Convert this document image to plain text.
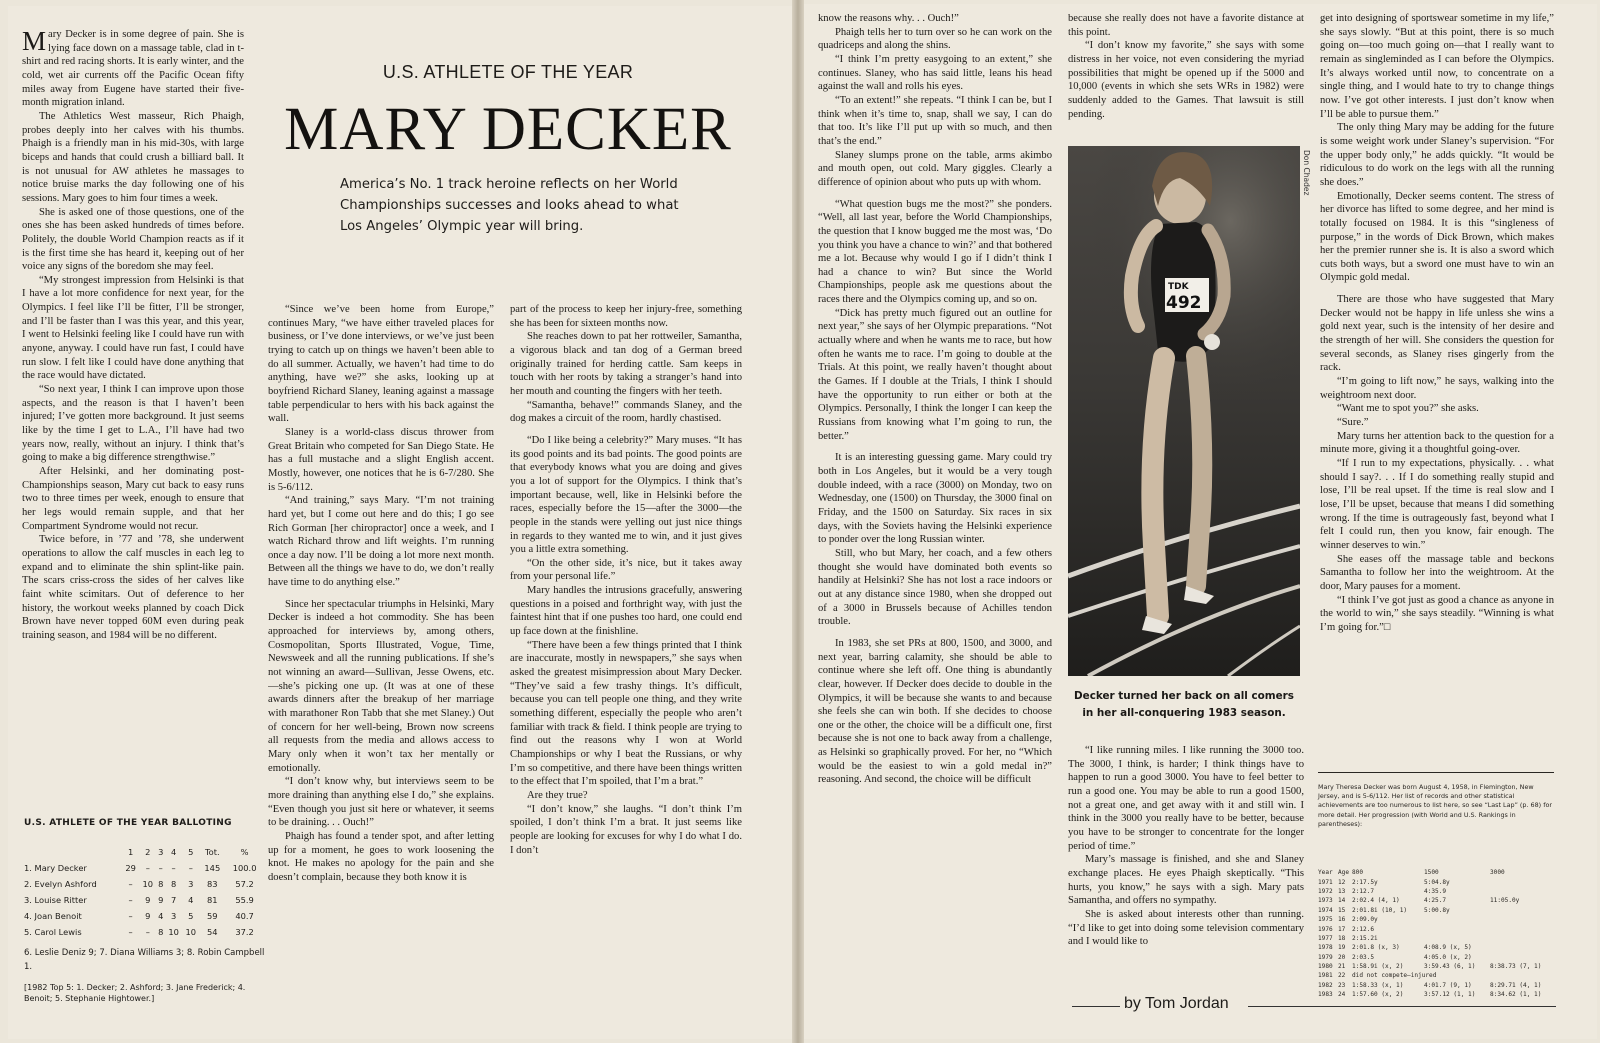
Mary Decker is in some degree of pain. She is lying face down on a massage table, clad in t-shirt and red racing shorts. It is early winter, and the cold, wet air currents off the Pacific Ocean fifty miles away from Eugene have started their five-month migration inland.

The Athletics West masseur, Rich Phaigh, probes deeply into her calves with his thumbs. Phaigh is a friendly man in his mid-30s, with large biceps and hands that could crush a billiard ball. It is not unusual for AW athletes he massages to notice bruise marks the day following one of his sessions. Mary goes to him four times a week.

She is asked one of those questions, one of the ones she has been asked hundreds of times before. Politely, the double World Champion reacts as if it is the first time she has heard it, keeping out of her voice any signs of the boredom she may feel.

“My strongest impression from Helsinki is that I have a lot more confidence for next year, for the Olympics. I feel like I’ll be fitter, I’ll be stronger, and I’ll be faster than I was this year, and this year, I went to Helsinki feeling like I could have run with anyone, anyway. I could have run fast, I could have run slow. I felt like I could have done anything that the race would have dictated.

“So next year, I think I can improve upon those aspects, and the reason is that I haven’t been injured; I’ve gotten more background. It just seems like by the time I get to L.A., I’ll have had two years now, really, without an injury. I think that’s going to make a big difference strengthwise.”

After Helsinki, and her dominating post-Championships season, Mary cut back to easy runs two to three times per week, enough to ensure that her legs would remain supple, and that her Compartment Syndrome would not recur.

Twice before, in ’77 and ’78, she underwent operations to allow the calf muscles in each leg to expand and to eliminate the shin splint-like pain. The scars criss-cross the sides of her calves like faint white scimitars. Out of deference to her history, the workout weeks planned by coach Dick Brown have never topped 60M even during peak training season, and 1984 will be no different.

U.S. ATHLETE OF THE YEAR BALLOTING
	1	2	3	4	5	Tot.	%
1. Mary Decker	29	–	–	–	–	145	100.0
2. Evelyn Ashford	–	10	8	8	3	83	57.2
3. Louise Ritter	–	9	9	7	4	81	55.9
4. Joan Benoit	–	9	4	3	5	59	40.7
5. Carol Lewis	–	–	8	10	10	54	37.2
6. Leslie Deniz 9; 7. Diana Williams 3; 8. Robin Campbell 1.
[1982 Top 5: 1. Decker; 2. Ashford; 3. Jane Frederick; 4. Benoit; 5. Stephanie Hightower.]
U.S. ATHLETE OF THE YEAR
MARY DECKER
America’s No. 1 track heroine reflects on her World Championships successes and looks ahead to what Los Angeles’ Olympic year will bring.

“Since we’ve been home from Europe,” continues Mary, “we have either traveled places for business, or I’ve done interviews, or we’ve just been trying to catch up on things we haven’t been able to do all summer. Actually, we haven’t had time to do anything, have we?” she asks, looking up at boyfriend Richard Slaney, leaning against a massage table perpendicular to hers with his back against the wall.

Slaney is a world-class discus thrower from Great Britain who competed for San Diego State. He has a full mustache and a slight English accent. Mostly, however, one notices that he is 6-7/280. She is 5-6/112.

“And training,” says Mary. “I’m not training hard yet, but I come out here and do this; I go see Rich Gorman [her chiropractor] once a week, and I watch Richard throw and lift weights. I’m running once a day now. I’ll be doing a lot more next month. Between all the things we have to do, we don’t really have time to do anything else.”

Since her spectacular triumphs in Helsinki, Mary Decker is indeed a hot commodity. She has been approached for interviews by, among others, Cosmopolitan, Sports Illustrated, Vogue, Time, Newsweek and all the running publications. If she’s not winning an award—Sullivan, Jesse Owens, etc.—she’s picking one up. (It was at one of these awards dinners after the breakup of her marriage with marathoner Ron Tabb that she met Slaney.) Out of concern for her well-being, Brown now screens all requests from the media and allows access to Mary only when it won’t tax her mentally or emotionally.

“I don’t know why, but interviews seem to be more draining than anything else I do,” she explains. “Even though you just sit here or whatever, it seems to be draining. . . Ouch!”

Phaigh has found a tender spot, and after letting up for a moment, he goes to work loosening the knot. He makes no apology for the pain and she doesn’t complain, because they both know it is

part of the process to keep her injury-free, something she has been for sixteen months now.

She reaches down to pat her rottweiler, Samantha, a vigorous black and tan dog of a German breed originally trained for herding cattle. Sam keeps in touch with her roots by taking a stranger’s hand into her mouth and counting the fingers with her teeth.

“Samantha, behave!” commands Slaney, and the dog makes a circuit of the room, hardly chastised.

“Do I like being a celebrity?” Mary muses. “It has its good points and its bad points. The good points are that everybody knows what you are doing and gives you a lot of support for the Olympics. I think that’s important because, well, like in Helsinki before the races, especially before the 15—after the 3000—the people in the stands were yelling out just nice things in regards to they wanted me to win, and it just gives you a little extra something.

“On the other side, it’s nice, but it takes away from your personal life.”

Mary handles the intrusions gracefully, answering questions in a poised and forthright way, with just the faintest hint that if one pushes too hard, one could end up face down at the finishline.

“There have been a few things printed that I think are inaccurate, mostly in newspapers,” she says when asked the greatest misimpression about Mary Decker. “They’ve said a few trashy things. It’s difficult, because you can tell people one thing, and they write something different, especially the people who aren’t familiar with track & field. I think people are trying to find out the reasons why I won at World Championships or why I beat the Russians, or why I’m so competitive, and there have been things written to the effect that I’m spoiled, that I’m a brat.”

Are they true?

“I don’t know,” she laughs. “I don’t think I’m spoiled, I don’t think I’m a brat. It just seems like people are looking for excuses for why I do what I do. I don’t

know the reasons why. . . Ouch!”

Phaigh tells her to turn over so he can work on the quadriceps and along the shins.

“I think I’m pretty easygoing to an extent,” she continues. Slaney, who has said little, leans his head against the wall and rolls his eyes.

“To an extent!” she repeats. “I think I can be, but I think when it’s time to, snap, shall we say, I can do that too. It’s like I’ll put up with so much, and then that’s the end.”

Slaney slumps prone on the table, arms akimbo and mouth open, out cold. Mary giggles. Clearly a difference of opinion about who puts up with whom.

“What question bugs me the most?” she ponders. “Well, all last year, before the World Championships, the question that I know bugged me the most was, ‘Do you think you have a chance to win?’ and that bothered me a lot. Because why would I go if I didn’t think I had a chance to win? But since the World Championships, people ask me questions about the races there and the Olympics coming up, and so on.

“Dick has pretty much figured out an outline for next year,” she says of her Olympic preparations. “Not actually where and when he wants me to race, but how often he wants me to race. I’m going to double at the Trials. At this point, we really haven’t thought about the Games. If I double at the Trials, I think I should have the opportunity to run either or both at the Olympics. Personally, I think the longer I can keep the Russians from knowing what I’m going to run, the better.”

It is an interesting guessing game. Mary could try both in Los Angeles, but it would be a very tough double indeed, with a race (3000) on Monday, two on Wednesday, one (1500) on Thursday, the 3000 final on Friday, and the 1500 on Saturday. Six races in six days, with the Soviets having the Helsinki experience to ponder over the long Russian winter.

Still, who but Mary, her coach, and a few others thought she would have dominated both events so handily at Helsinki? She has not lost a race indoors or out at any distance since 1980, when she dropped out of a 3000 in Brussels because of Achilles tendon trouble.

In 1983, she set PRs at 800, 1500, and 3000, and next year, barring calamity, she should be able to continue where she left off. One thing is abundantly clear, however. If Decker does decide to double in the Olympics, it will be because she wants to and because she feels she can win both. If she decides to choose one or the other, the choice will be a difficult one, first because she is not one to back away from a challenge, as Helsinki so graphically proved. For her, no “Which would be the easiest to win a gold medal in?” reasoning. And second, the choice will be difficult

because she really does not have a favorite distance at this point.

“I don’t know my favorite,” she says with some distress in her voice, not even considering the myriad possibilities that might be opened up if the 5000 and 10,000 (events in which she sets WRs in 1982) were suddenly added to the Games. That lawsuit is still pending.

TDK
492
Don Chadez
Decker turned her back on all comers in her all-conquering 1983 season.

“I like running miles. I like running the 3000 too. The 3000, I think, is harder; I think things have to happen to run a good 3000. You have to feel better to run a good one. You may be able to run a good 1500, not a great one, and get away with it and still win. I think in the 3000 you really have to be better, because you have to be stronger to concentrate for the longer period of time.”

Mary’s massage is finished, and she and Slaney exchange places. He eyes Phaigh skeptically. “This hurts, you know,” he says with a sigh. Mary pats Samantha, and offers no sympathy.

She is asked about interests other than running. “I’d like to get into doing some television commentary and I would like to

get into designing of sportswear sometime in my life,” she says slowly. “But at this point, there is so much going on—too much going on—that I really want to remain as singleminded as I can before the Olympics. It’s always worked until now, to concentrate on a single thing, and I would hate to try to change things now. I’ve got other interests. I just don’t know when I’ll be able to pursue them.”

The only thing Mary may be adding for the future is some weight work under Slaney’s supervision. “For the upper body only,” he adds quickly. “It would be ridiculous to do work on the legs with all the running she does.”

Emotionally, Decker seems content. The stress of her divorce has lifted to some degree, and her mind is totally focused on 1984. It is this “singleness of purpose,” in the words of Dick Brown, which makes her the premier runner she is. It is also a sword which cuts both ways, but a sword one must have to win an Olympic gold medal.

There are those who have suggested that Mary Decker would not be happy in life unless she wins a gold next year, such is the intensity of her desire and the strength of her will. She considers the question for several seconds, as Slaney rises gingerly from the rack.

“I’m going to lift now,” he says, walking into the weightroom next door.

“Want me to spot you?” she asks.

“Sure.”

Mary turns her attention back to the question for a minute more, giving it a thoughtful going-over.

“If I run to my expectations, physically. . . what should I say?. . . If I do something really stupid and lose, I’ll be real upset. If the time is real slow and I lose, I’ll be upset, because that means I did something wrong. If the time is outrageously fast, beyond what I felt I could run, then you know, fair enough. The winner deserves to win.”

She eases off the massage table and beckons Samantha to follow her into the weightroom. At the door, Mary pauses for a moment.

“I think I’ve got just as good a chance as anyone in the world to win,” she says steadily. “Winning is what I’m going for.”□

Mary Theresa Decker was born August 4, 1958, in Flemington, New Jersey, and is 5-6/112. Her list of records and other statistical achievements are too numerous to list here, so see “Last Lap” (p. 68) for more detail. Her progression (with World and U.S. Rankings in parentheses):
Year	Age	800	1500	3000
1971	12	2:17.5y	5:04.8y	
1972	13	2:12.7	4:35.9	
1973	14	2:02.4 (4, 1)	4:25.7	11:05.0y
1974	15	2:01.8i (10, 1)	5:00.8y	
1975	16	2:09.0y		
1976	17	2:12.6		
1977	18	2:15.2i		
1978	19	2:01.8 (x, 3)	4:08.9 (x, 5)	
1979	20	2:03.5	4:05.0 (x, 2)	
1980	21	1:58.9i (x, 2)	3:59.43 (6, 1)	8:38.73 (7, 1)
1981	22	did not compete—injured		
1982	23	1:58.33 (x, 1)	4:01.7 (9, 1)	8:29.71 (4, 1)
1983	24	1:57.60 (x, 2)	3:57.12 (1, 1)	8:34.62 (1, 1)
by Tom Jordan
